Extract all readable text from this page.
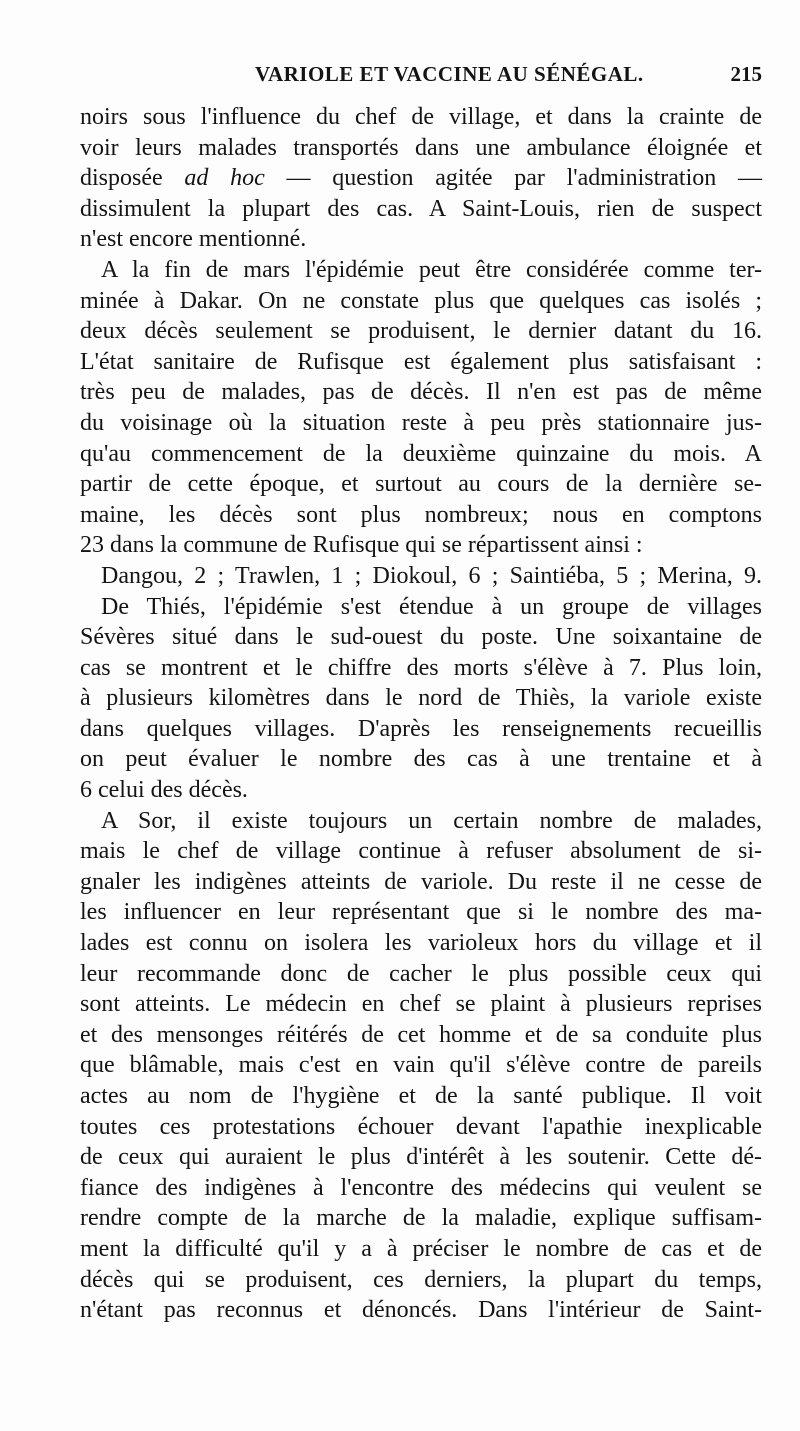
VARIOLE ET VACCINE AU SÉNÉGAL.	215
noirs sous l'influence du chef de village, et dans la crainte de
voir leurs malades transportés dans une ambulance éloignée et
disposée ad hoc — question agitée par l'administration —
dissimulent la plupart des cas. A Saint-Louis, rien de suspect
n'est encore mentionné.
A la fin de mars l'épidémie peut être considérée comme ter-
minée à Dakar. On ne constate plus que quelques cas isolés ;
deux décès seulement se produisent, le dernier datant du 16.
L'état sanitaire de Rufisque est également plus satisfaisant :
très peu de malades, pas de décès. Il n'en est pas de même
du voisinage où la situation reste à peu près stationnaire jus-
qu'au commencement de la deuxième quinzaine du mois. A
partir de cette époque, et surtout au cours de la dernière se-
maine, les décès sont plus nombreux; nous en comptons
23 dans la commune de Rufisque qui se répartissent ainsi :
Dangou, 2 ; Trawlen, 1 ; Diokoul, 6 ; Saintiéba, 5 ; Merina, 9.
De Thiés, l'épidémie s'est étendue à un groupe de villages
Sévères situé dans le sud-ouest du poste. Une soixantaine de
cas se montrent et le chiffre des morts s'élève à 7. Plus loin,
à plusieurs kilomètres dans le nord de Thiès, la variole existe
dans quelques villages. D'après les renseignements recueillis
on peut évaluer le nombre des cas à une trentaine et à
6 celui des décès.
A Sor, il existe toujours un certain nombre de malades,
mais le chef de village continue à refuser absolument de si-
gnaler les indigènes atteints de variole. Du reste il ne cesse de
les influencer en leur représentant que si le nombre des ma-
lades est connu on isolera les varioleux hors du village et il
leur recommande donc de cacher le plus possible ceux qui
sont atteints. Le médecin en chef se plaint à plusieurs reprises
et des mensonges réitérés de cet homme et de sa conduite plus
que blâmable, mais c'est en vain qu'il s'élève contre de pareils
actes au nom de l'hygiène et de la santé publique. Il voit
toutes ces protestations échouer devant l'apathie inexplicable
de ceux qui auraient le plus d'intérêt à les soutenir. Cette dé-
fiance des indigènes à l'encontre des médecins qui veulent se
rendre compte de la marche de la maladie, explique suffisam-
ment la difficulté qu'il y a à préciser le nombre de cas et de
décès qui se produisent, ces derniers, la plupart du temps,
n'étant pas reconnus et dénoncés. Dans l'intérieur de Saint-
